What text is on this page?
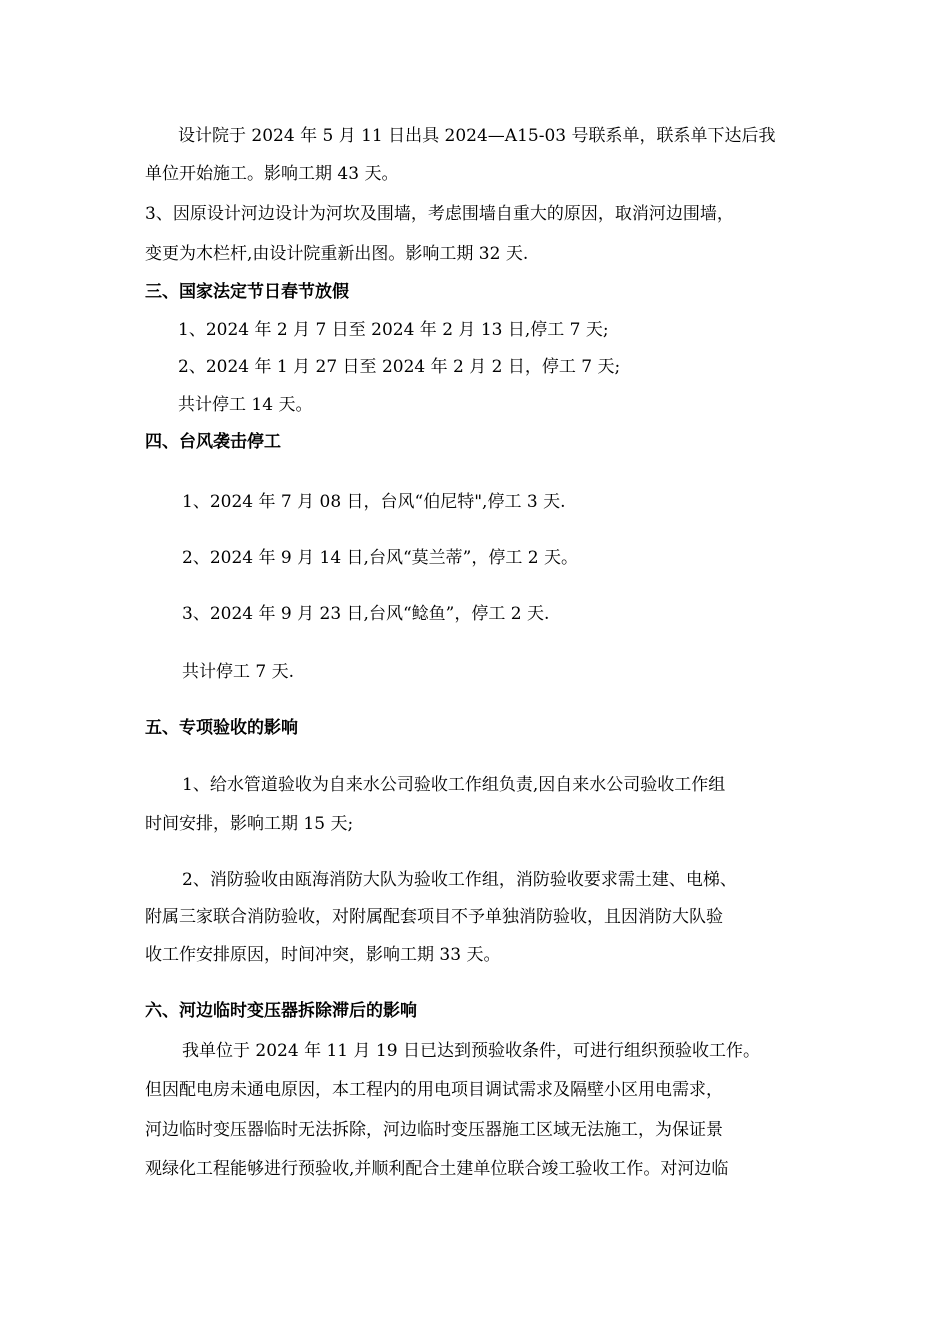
设计院于 2024 年 5 月 11 日出具 2024—A15-03 号联系单，联系单下达后我
单位开始施工。影响工期 43 天。
3、因原设计河边设计为河坎及围墙，考虑围墙自重大的原因，取消河边围墙，
变更为木栏杆,由设计院重新出图。影响工期 32 天.
三、国家法定节日春节放假
1、2024 年 2 月 7 日至 2024 年 2 月 13 日,停工 7 天;
2、2024 年 1 月 27 日至 2024 年 2 月 2 日，停工 7 天;
共计停工 14 天。
四、台风袭击停工
1、2024 年 7 月 08 日，台风“伯尼特",停工 3 天.
2、2024 年 9 月 14 日,台风“莫兰蒂”，停工 2 天。
3、2024 年 9 月 23 日,台风“鲶鱼”，停工 2 天.
共计停工 7 天.
五、专项验收的影响
1、给水管道验收为自来水公司验收工作组负责,因自来水公司验收工作组
时间安排，影响工期 15 天;
2、消防验收由瓯海消防大队为验收工作组，消防验收要求需土建、电梯、
附属三家联合消防验收，对附属配套项目不予单独消防验收，且因消防大队验
收工作安排原因，时间冲突，影响工期 33 天。
六、河边临时变压器拆除滞后的影响
我单位于 2024 年 11 月 19 日已达到预验收条件，可进行组织预验收工作。
但因配电房未通电原因，本工程内的用电项目调试需求及隔壁小区用电需求，
河边临时变压器临时无法拆除，河边临时变压器施工区域无法施工，为保证景
观绿化工程能够进行预验收,并顺利配合土建单位联合竣工验收工作。对河边临
